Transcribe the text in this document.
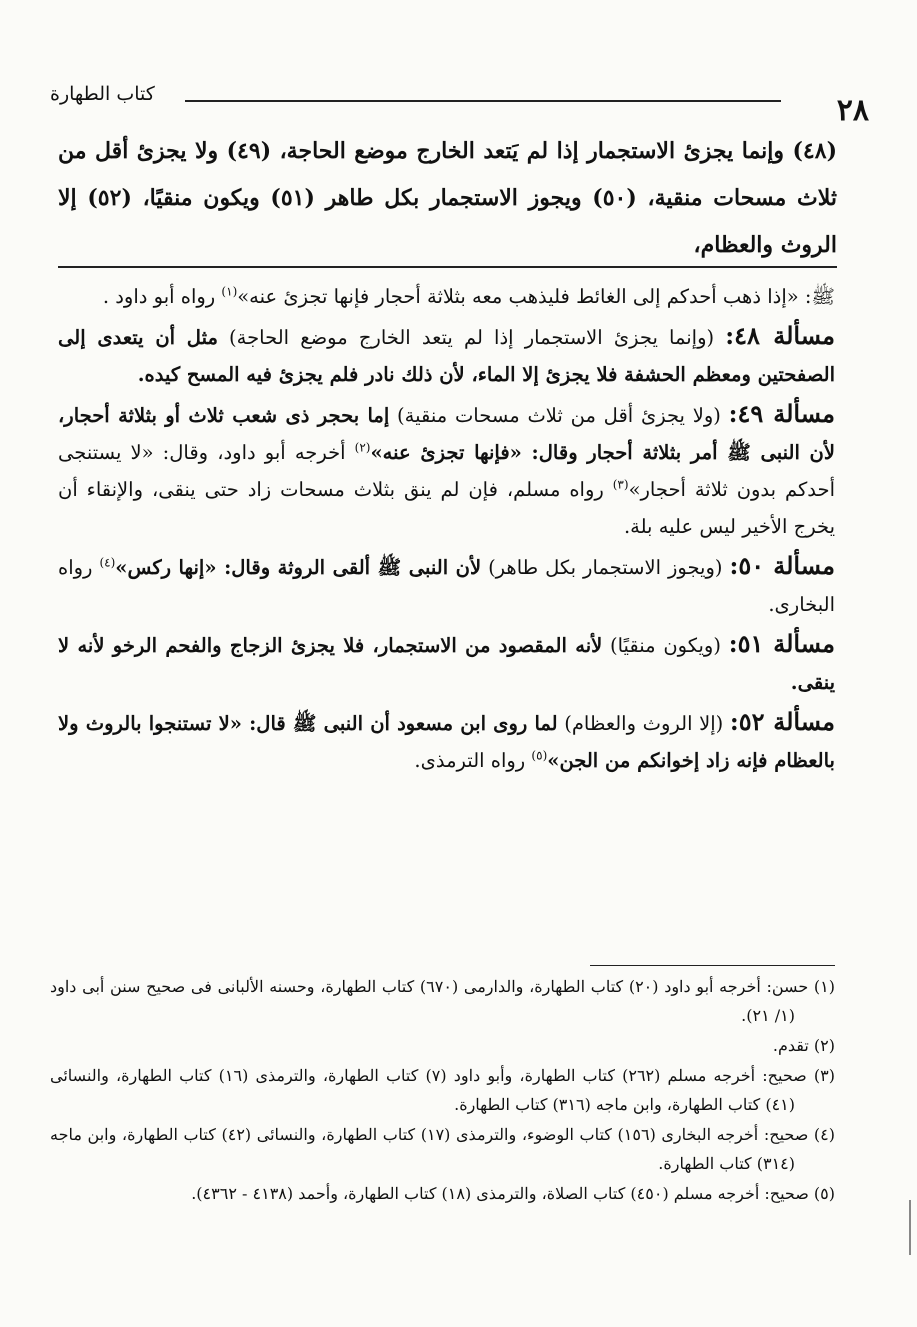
٢٨
كتاب الطهارة
(٤٨) وإنما يجزئ الاستجمار إذا لم يَتعد الخارج موضع الحاجة، (٤٩) ولا يجزئ أقل من ثلاث مسحات منقية، (٥٠) ويجوز الاستجمار بكل طاهر (٥١) ويكون منقيًا، (٥٢) إلا الروث والعظام،

ﷺ: «إذا ذهب أحدكم إلى الغائط فليذهب معه بثلاثة أحجار فإنها تجزئ عنه»$^{(١)}$ رواه أبو داود .

مسألة ٤٨: (وإنما يجزئ الاستجمار إذا لم يتعد الخارج موضع الحاجة) مثل أن يتعدى إلى الصفحتين ومعظم الحشفة فلا يجزئ إلا الماء، لأن ذلك نادر فلم يجزئ فيه المسح كيده.

مسألة ٤٩: (ولا يجزئ أقل من ثلاث مسحات منقية) إما بحجر ذى شعب ثلاث أو بثلاثة أحجار، لأن النبى ﷺ أمر بثلاثة أحجار وقال: «فإنها تجزئ عنه»$^{(٢)}$ أخرجه أبو داود، وقال: «لا يستنجى أحدكم بدون ثلاثة أحجار»$^{(٣)}$ رواه مسلم، فإن لم ينق بثلاث مسحات زاد حتى ينقى، والإنقاء أن يخرج الأخير ليس عليه بلة.

مسألة ٥٠: (ويجوز الاستجمار بكل طاهر) لأن النبى ﷺ ألقى الروثة وقال: «إنها ركس»$^{(٤)}$ رواه البخارى.

مسألة ٥١: (ويكون منقيًا) لأنه المقصود من الاستجمار، فلا يجزئ الزجاج والفحم الرخو لأنه لا ينقى.

مسألة ٥٢: (إلا الروث والعظام) لما روى ابن مسعود أن النبى ﷺ قال: «لا تستنجوا بالروث ولا بالعظام فإنه زاد إخوانكم من الجن»$^{(٥)}$ رواه الترمذى.

(١) حسن: أخرجه أبو داود (٢٠) كتاب الطهارة، والدارمى (٦٧٠) كتاب الطهارة، وحسنه الألبانى فى صحيح سنن أبى داود (١/ ٢١).

(٢) تقدم.

(٣) صحيح: أخرجه مسلم (٢٦٢) كتاب الطهارة، وأبو داود (٧) كتاب الطهارة، والترمذى (١٦) كتاب الطهارة، والنسائى (٤١) كتاب الطهارة، وابن ماجه (٣١٦) كتاب الطهارة.

(٤) صحيح: أخرجه البخارى (١٥٦) كتاب الوضوء، والترمذى (١٧) كتاب الطهارة، والنسائى (٤٢) كتاب الطهارة، وابن ماجه (٣١٤) كتاب الطهارة.

(٥) صحيح: أخرجه مسلم (٤٥٠) كتاب الصلاة، والترمذى (١٨) كتاب الطهارة، وأحمد (٤١٣٨ - ٤٣٦٢).
